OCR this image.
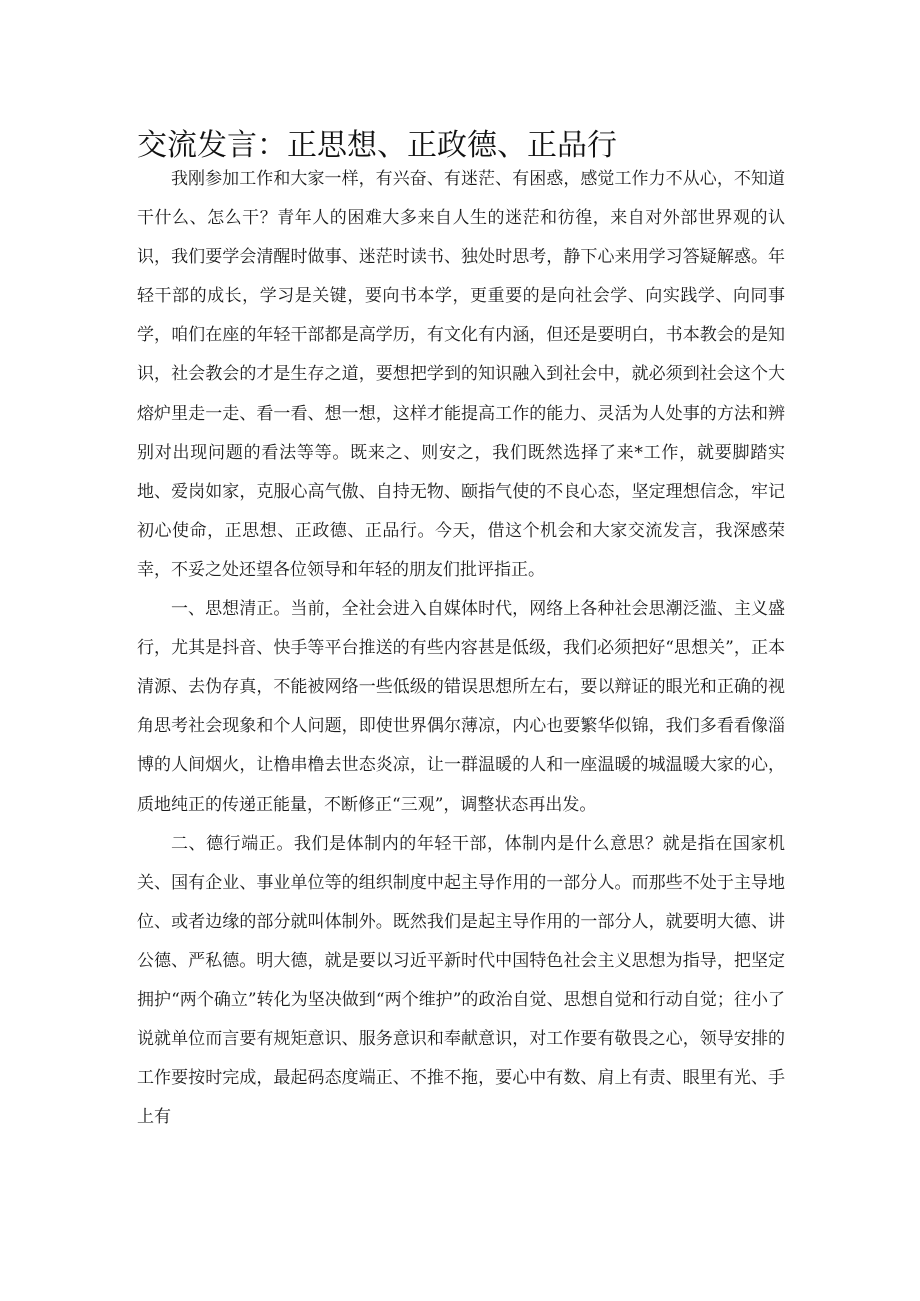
交流发言：正思想、正政德、正品行

我刚参加工作和大家一样，有兴奋、有迷茫、有困惑，感觉工作力不从心，不知道干什么、怎么干？青年人的困难大多来自人生的迷茫和彷徨，来自对外部世界观的认识，我们要学会清醒时做事、迷茫时读书、独处时思考，静下心来用学习答疑解惑。年轻干部的成长，学习是关键，要向书本学，更重要的是向社会学、向实践学、向同事学，咱们在座的年轻干部都是高学历，有文化有内涵，但还是要明白，书本教会的是知识，社会教会的才是生存之道，要想把学到的知识融入到社会中，就必须到社会这个大熔炉里走一走、看一看、想一想，这样才能提高工作的能力、灵活为人处事的方法和辨别对出现问题的看法等等。既来之、则安之，我们既然选择了来*工作，就要脚踏实地、爱岗如家，克服心高气傲、自持无物、颐指气使的不良心态，坚定理想信念，牢记初心使命，正思想、正政德、正品行。今天，借这个机会和大家交流发言，我深感荣幸，不妥之处还望各位领导和年轻的朋友们批评指正。

一、思想清正。当前，全社会进入自媒体时代，网络上各种社会思潮泛滥、主义盛行，尤其是抖音、快手等平台推送的有些内容甚是低级，我们必须把好“思想关”，正本清源、去伪存真，不能被网络一些低级的错误思想所左右，要以辩证的眼光和正确的视角思考社会现象和个人问题，即使世界偶尔薄凉，内心也要繁华似锦，我们多看看像淄博的人间烟火，让橹串橹去世态炎凉，让一群温暖的人和一座温暖的城温暖大家的心，质地纯正的传递正能量，不断修正“三观”，调整状态再出发。

二、德行端正。我们是体制内的年轻干部，体制内是什么意思？就是指在国家机关、国有企业、事业单位等的组织制度中起主导作用的一部分人。而那些不处于主导地位、或者边缘的部分就叫体制外。既然我们是起主导作用的一部分人，就要明大德、讲公德、严私德。明大德，就是要以习近平新时代中国特色社会主义思想为指导，把坚定拥护“两个确立”转化为坚决做到“两个维护”的政治自觉、思想自觉和行动自觉；往小了说就单位而言要有规矩意识、服务意识和奉献意识，对工作要有敬畏之心，领导安排的工作要按时完成，最起码态度端正、不推不拖，要心中有数、肩上有责、眼里有光、手上有
